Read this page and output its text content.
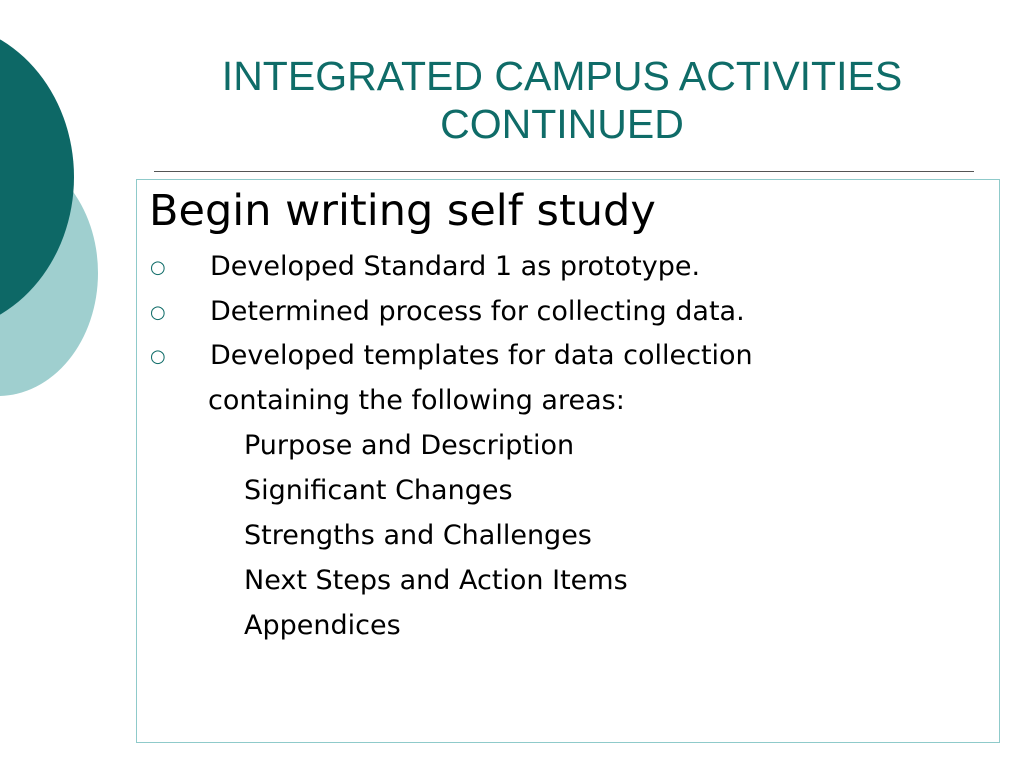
INTEGRATED CAMPUS ACTIVITIES
CONTINUED
Begin writing self study
○	Developed Standard 1 as prototype.
○	Determined process for collecting data.
○	Developed templates for data collection
containing the following areas:
Purpose and Description
Significant Changes
Strengths and Challenges
Next Steps and Action Items
Appendices
